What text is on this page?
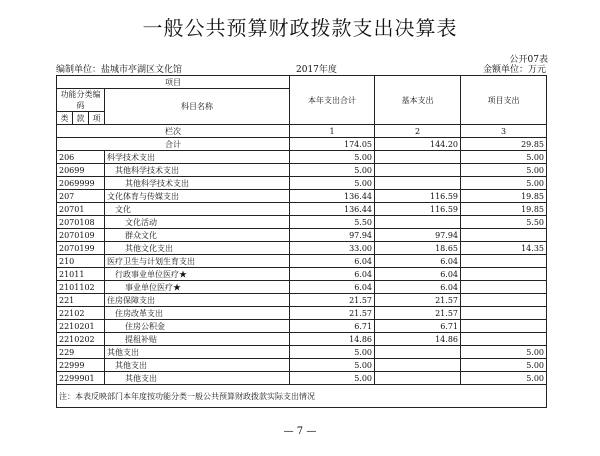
一般公共预算财政拨款支出决算表
公开07表
编制单位：盐城市亭湖区文化馆	2017年度	金额单位：万元
项目				本年支出合计	基本支出	项目支出
功能分类编码			科目名称			

类	款	项				
栏次				1	2	3
合计				174.05	144.20	29.85
206			科学技术支出	5.00		5.00
20699			其他科学技术支出	5.00		5.00
2069999			其他科学技术支出	5.00		5.00
207			文化体育与传媒支出	136.44	116.59	19.85
20701			文化	136.44	116.59	19.85
2070108			文化活动	5.50		5.50
2070109			群众文化	97.94	97.94	
2070199			其他文化支出	33.00	18.65	14.35
210			医疗卫生与计划生育支出	6.04	6.04	
21011			行政事业单位医疗★	6.04	6.04	
2101102			事业单位医疗★	6.04	6.04	
221			住房保障支出	21.57	21.57	
22102			住房改革支出	21.57	21.57	
2210201			住房公积金	6.71	6.71	
2210202			提租补贴	14.86	14.86	
229			其他支出	5.00		5.00
22999			其他支出	5.00		5.00
2299901			其他支出	5.00		5.00
注：本表反映部门本年度按功能分类一般公共预算财政拨款实际支出情况						
— 7 —
